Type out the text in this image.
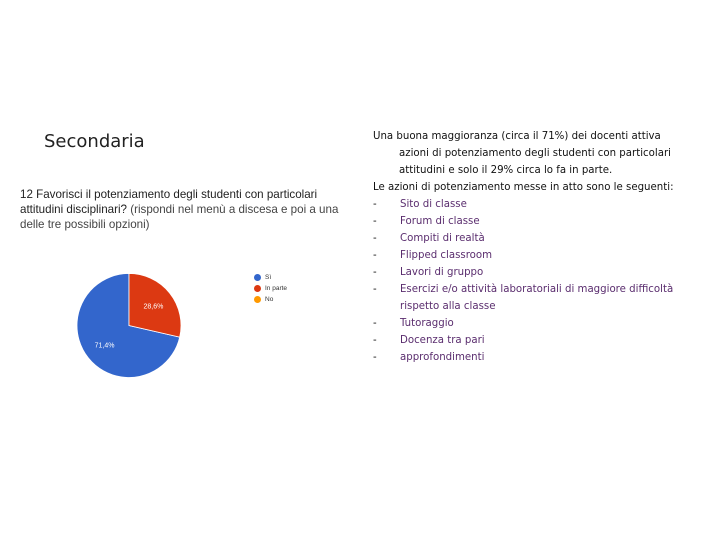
Secondaria
12 Favorisci il potenziamento degli studenti con particolari attitudini disciplinari? (rispondi nel menù a discesa e poi a una delle tre possibili opzioni)
71,4%
28,6%
Sì
In parte
No

Una buona maggioranza (circa il 71%) dei docenti attiva azioni di potenziamento degli studenti con particolari attitudini e solo il 29% circa lo fa in parte.

Le azioni di potenziamento messe in atto sono le seguenti:

-	Sito di classe
-	Forum di classe
-	Compiti di realtà
-	Flipped classroom
-	Lavori di gruppo
-	Esercizi e/o attività laboratoriali di maggiore difficoltà rispetto alla classe
-	Tutoraggio
-	Docenza tra pari
-	approfondimenti
